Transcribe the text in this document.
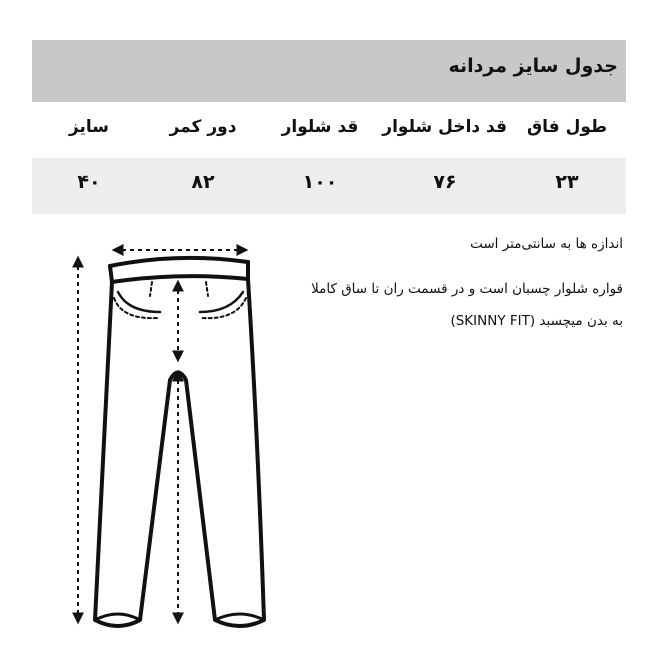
جدول سایز مردانه
طول فاق
قد داخل شلوار
قد شلوار
دور کمر
سایز
۲۳
۷۶
۱۰۰
۸۲
۴۰
اندازه ها به سانتی‌متر است
قواره شلوار چسبان است و در قسمت ران تا ساق کاملا
به بدن میچسبد (SKINNY FIT)
